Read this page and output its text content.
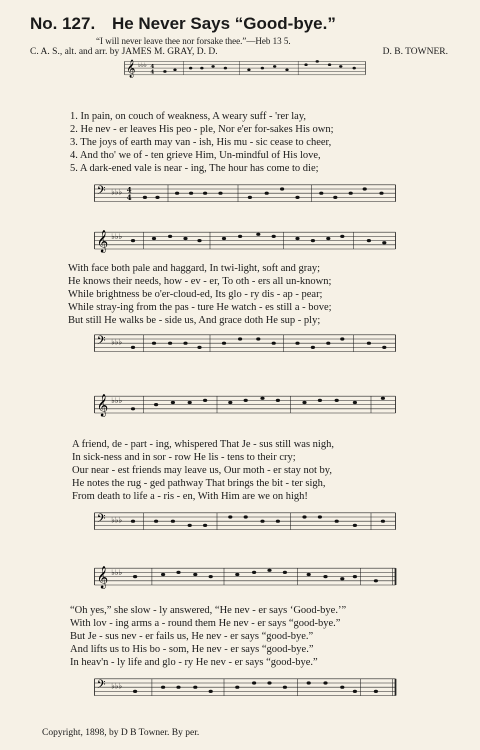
No. 127. He Never Says “Good-bye.”
“I will never leave thee nor forsake thee.”—Heb 13 5.
C. A. S., alt. and arr. by JAMES M. GRAY, D. D.	D. B. TOWNER.
𝄞 ♭♭♭ 4
4
1. In pain, on couch of weakness, A weary suff - 'rer lay,
2. He nev - er leaves His peo - ple, Nor e'er for-sakes His own;
3. The joys of earth may van - ish, His mu - sic cease to cheer,
4. And tho' we of - ten grieve Him, Un-mindful of His love,
5. A dark-ened vale is near - ing, The hour has come to die;
𝄢 ♭♭♭ 4
4
𝄞 ♭♭♭
With face both pale and haggard, In twi-light, soft and gray;
He knows their needs, how - ev - er, To oth - ers all un-known;
While brightness be o'er-cloud-ed, Its glo - ry dis - ap - pear;
While stray-ing from the pas - ture He watch - es still a - bove;
But still He walks be - side us, And grace doth He sup - ply;
𝄢 ♭♭♭
𝄞 ♭♭♭
A friend, de - part - ing, whispered That Je - sus still was nigh,
In sick-ness and in sor - row He lis - tens to their cry;
Our near - est friends may leave us, Our moth - er stay not by,
He notes the rug - ged pathway That brings the bit - ter sigh,
From death to life a - ris - en, With Him are we on high!
𝄢 ♭♭♭
𝄞 ♭♭♭
“Oh yes,” she slow - ly answered, “He nev - er says ‘Good-bye.’”
With lov - ing arms a - round them He nev - er says “good-bye.”
But Je - sus nev - er fails us, He nev - er says “good-bye.”
And lifts us to His bo - som, He nev - er says “good-bye.”
In heav'n - ly life and glo - ry He nev - er says “good-bye.”
𝄢 ♭♭♭
Copyright, 1898, by D B Towner. By per.
